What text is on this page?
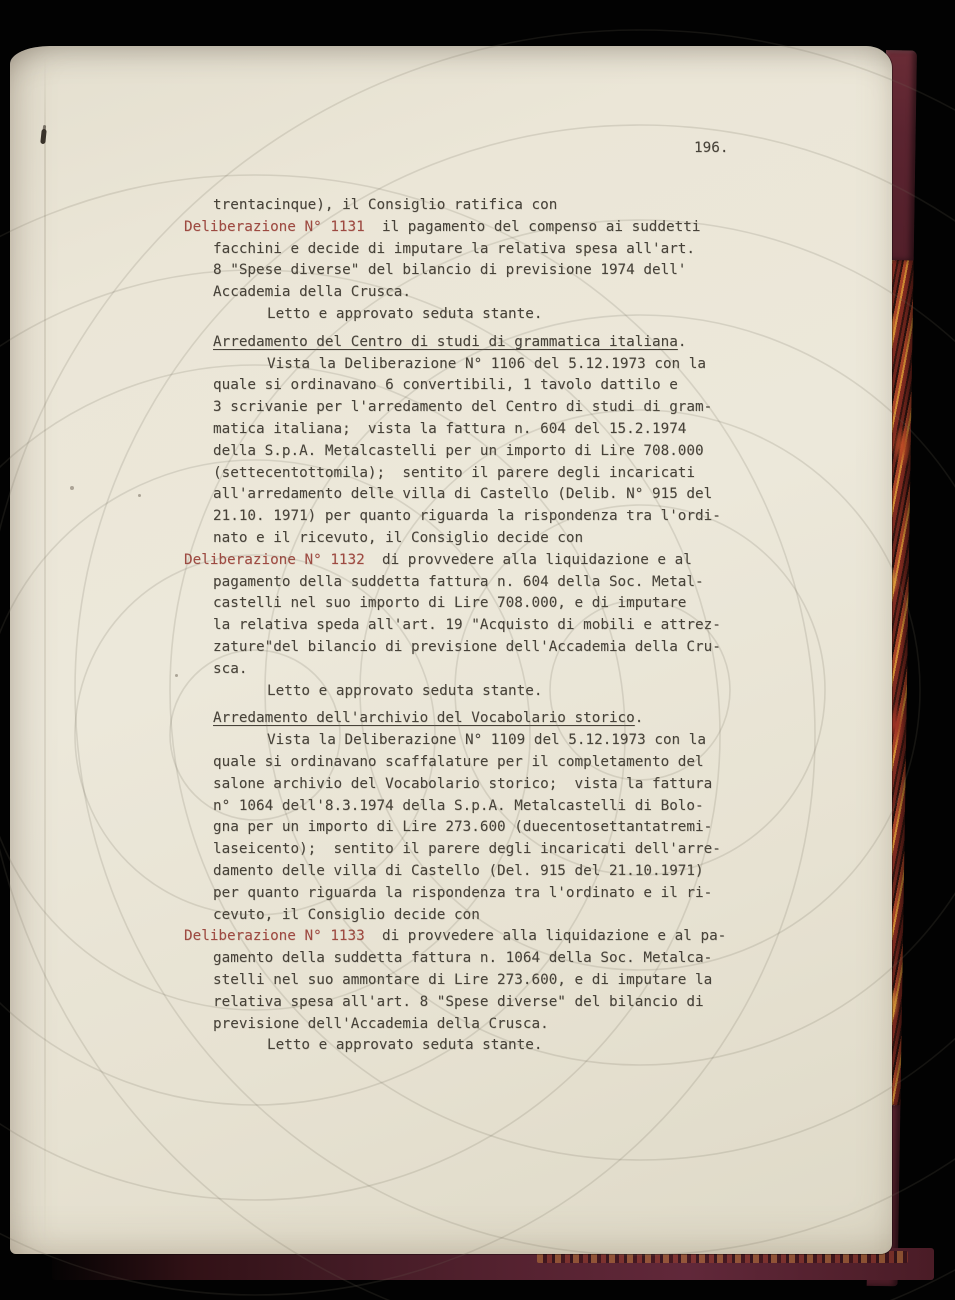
196.
trentacinque), il Consiglio ratifica con
Deliberazione N° 1131  il pagamento del compenso ai suddetti
facchini e decide di imputare la relativa spesa all'art.
8 "Spese diverse" del bilancio di previsione 1974 dell'
Accademia della Crusca.
Letto e approvato seduta stante.
Arredamento del Centro di studi di grammatica italiana.
Vista la Deliberazione N° 1106 del 5.12.1973 con la
quale si ordinavano 6 convertibili, 1 tavolo dattilo e
3 scrivanie per l'arredamento del Centro di studi di gram-
matica italiana;  vista la fattura n. 604 del 15.2.1974
della S.p.A. Metalcastelli per un importo di Lire 708.000
(settecentottomila);  sentito il parere degli incaricati
all'arredamento delle villa di Castello (Delib. N° 915 del
21.10. 1971) per quanto riguarda la rispondenza tra l'ordi-
nato e il ricevuto, il Consiglio decide con
Deliberazione N° 1132  di provvedere alla liquidazione e al
pagamento della suddetta fattura n. 604 della Soc. Metal-
castelli nel suo importo di Lire 708.000, e di imputare
la relativa speda all'art. 19 "Acquisto di mobili e attrez-
zature"del bilancio di previsione dell'Accademia della Cru-
sca.
Letto e approvato seduta stante.
Arredamento dell'archivio del Vocabolario storico.
Vista la Deliberazione N° 1109 del 5.12.1973 con la
quale si ordinavano scaffalature per il completamento del
salone archivio del Vocabolario storico;  vista la fattura
n° 1064 dell'8.3.1974 della S.p.A. Metalcastelli di Bolo-
gna per un importo di Lire 273.600 (duecentosettantatremi-
laseicento);  sentito il parere degli incaricati dell'arre-
damento delle villa di Castello (Del. 915 del 21.10.1971)
per quanto riguarda la rispondenza tra l'ordinato e il ri-
cevuto, il Consiglio decide con
Deliberazione N° 1133  di provvedere alla liquidazione e al pa-
gamento della suddetta fattura n. 1064 della Soc. Metalca-
stelli nel suo ammontare di Lire 273.600, e di imputare la
relativa spesa all'art. 8 "Spese diverse" del bilancio di
previsione dell'Accademia della Crusca.
Letto e approvato seduta stante.
